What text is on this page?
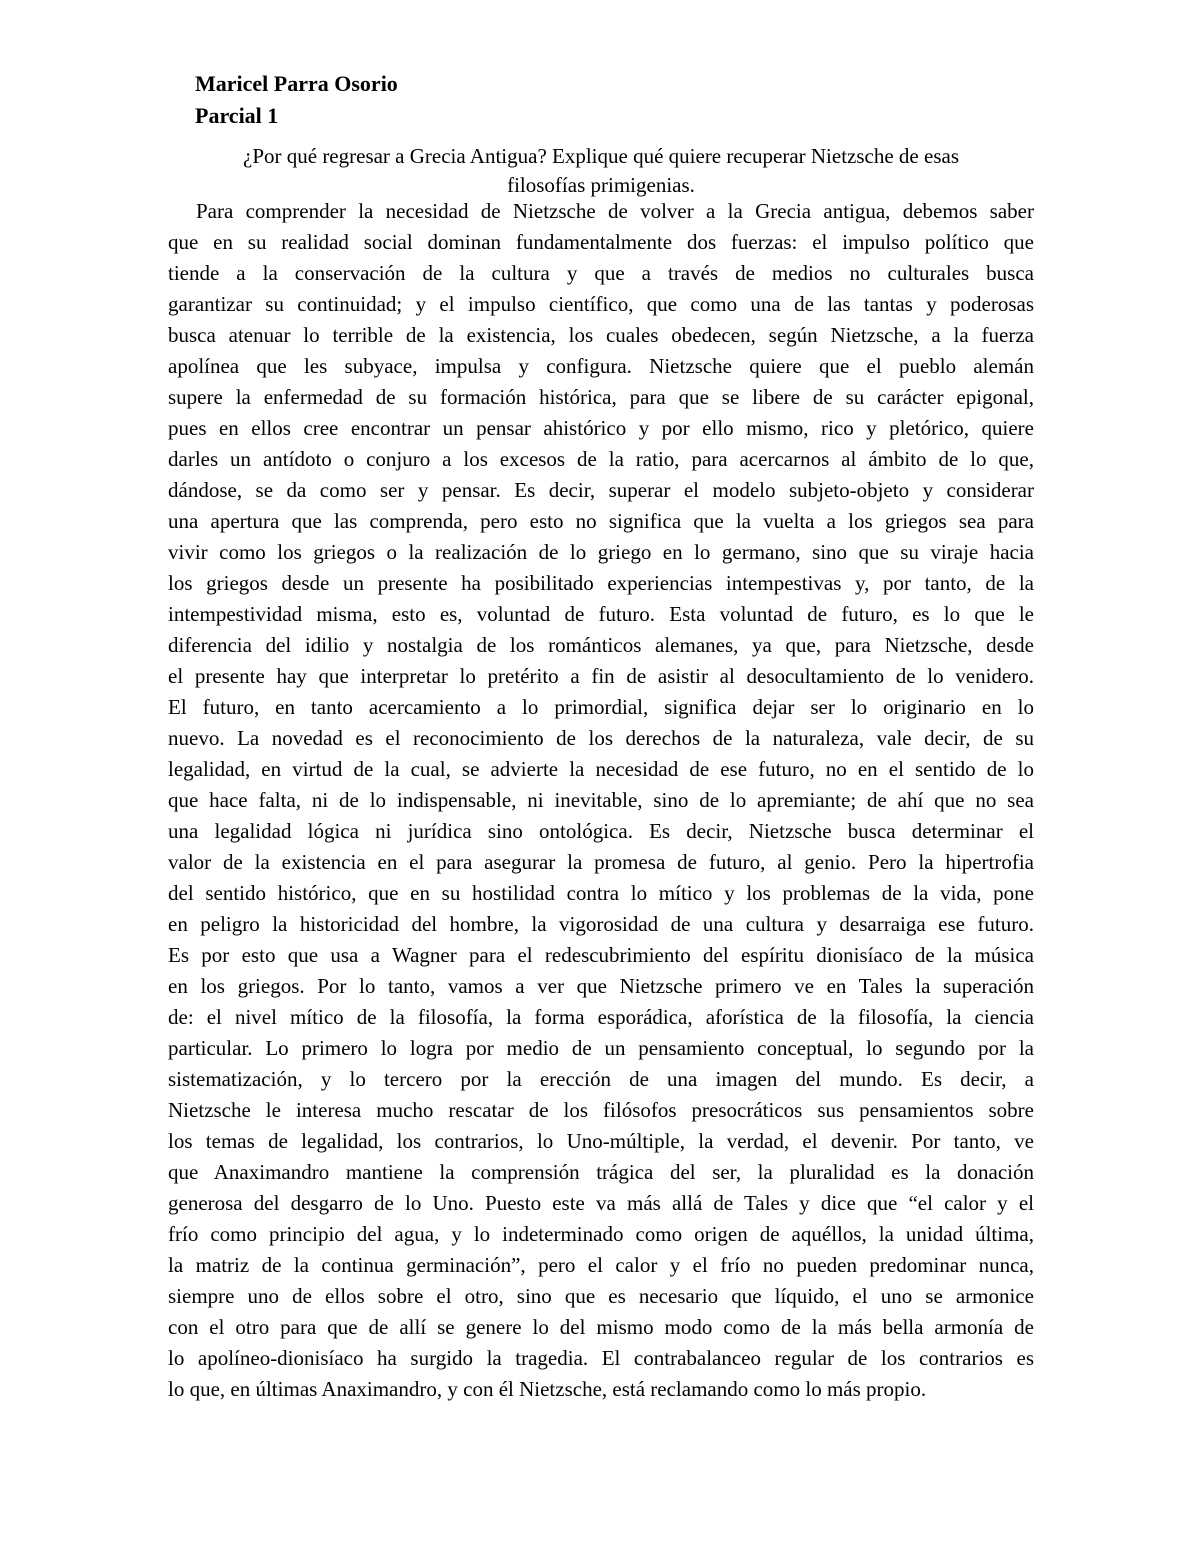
Maricel Parra Osorio
Parcial 1
¿Por qué regresar a Grecia Antigua? Explique qué quiere recuperar Nietzsche de esas
filosofías primigenias.
Para comprender la necesidad de Nietzsche de volver a la Grecia antigua, debemos saber
que en su realidad social dominan fundamentalmente dos fuerzas: el impulso político que
tiende a la conservación de la cultura y que a través de medios no culturales busca
garantizar su continuidad; y el impulso científico, que como una de las tantas y poderosas
busca atenuar lo terrible de la existencia, los cuales obedecen, según Nietzsche, a la fuerza
apolínea que les subyace, impulsa y configura. Nietzsche quiere que el pueblo alemán
supere la enfermedad de su formación histórica, para que se libere de su carácter epigonal,
pues en ellos cree encontrar un pensar ahistórico y por ello mismo, rico y pletórico, quiere
darles un antídoto o conjuro a los excesos de la ratio, para acercarnos al ámbito de lo que,
dándose, se da como ser y pensar. Es decir, superar el modelo subjeto-objeto y considerar
una apertura que las comprenda, pero esto no significa que la vuelta a los griegos sea para
vivir como los griegos o la realización de lo griego en lo germano, sino que su viraje hacia
los griegos desde un presente ha posibilitado experiencias intempestivas y, por tanto, de la
intempestividad misma, esto es, voluntad de futuro. Esta voluntad de futuro, es lo que le
diferencia del idilio y nostalgia de los románticos alemanes, ya que, para Nietzsche, desde
el presente hay que interpretar lo pretérito a fin de asistir al desocultamiento de lo venidero.
El futuro, en tanto acercamiento a lo primordial, significa dejar ser lo originario en lo
nuevo. La novedad es el reconocimiento de los derechos de la naturaleza, vale decir, de su
legalidad, en virtud de la cual, se advierte la necesidad de ese futuro, no en el sentido de lo
que hace falta, ni de lo indispensable, ni inevitable, sino de lo apremiante; de ahí que no sea
una legalidad lógica ni jurídica sino ontológica. Es decir, Nietzsche busca determinar el
valor de la existencia en el para asegurar la promesa de futuro, al genio. Pero la hipertrofia
del sentido histórico, que en su hostilidad contra lo mítico y los problemas de la vida, pone
en peligro la historicidad del hombre, la vigorosidad de una cultura y desarraiga ese futuro.
Es por esto que usa a Wagner para el redescubrimiento del espíritu dionisíaco de la música
en los griegos. Por lo tanto, vamos a ver que Nietzsche primero ve en Tales la superación
de: el nivel mítico de la filosofía, la forma esporádica, aforística de la filosofía, la ciencia
particular. Lo primero lo logra por medio de un pensamiento conceptual, lo segundo por la
sistematización, y lo tercero por la erección de una imagen del mundo. Es decir, a
Nietzsche le interesa mucho rescatar de los filósofos presocráticos sus pensamientos sobre
los temas de legalidad, los contrarios, lo Uno-múltiple, la verdad, el devenir. Por tanto, ve
que Anaximandro mantiene la comprensión trágica del ser, la pluralidad es la donación
generosa del desgarro de lo Uno. Puesto este va más allá de Tales y dice que “el calor y el
frío como principio del agua, y lo indeterminado como origen de aquéllos, la unidad última,
la matriz de la continua germinación”, pero el calor y el frío no pueden predominar nunca,
siempre uno de ellos sobre el otro, sino que es necesario que líquido, el uno se armonice
con el otro para que de allí se genere lo del mismo modo como de la más bella armonía de
lo apolíneo-dionisíaco ha surgido la tragedia. El contrabalanceo regular de los contrarios es
lo que, en últimas Anaximandro, y con él Nietzsche, está reclamando como lo más propio.
